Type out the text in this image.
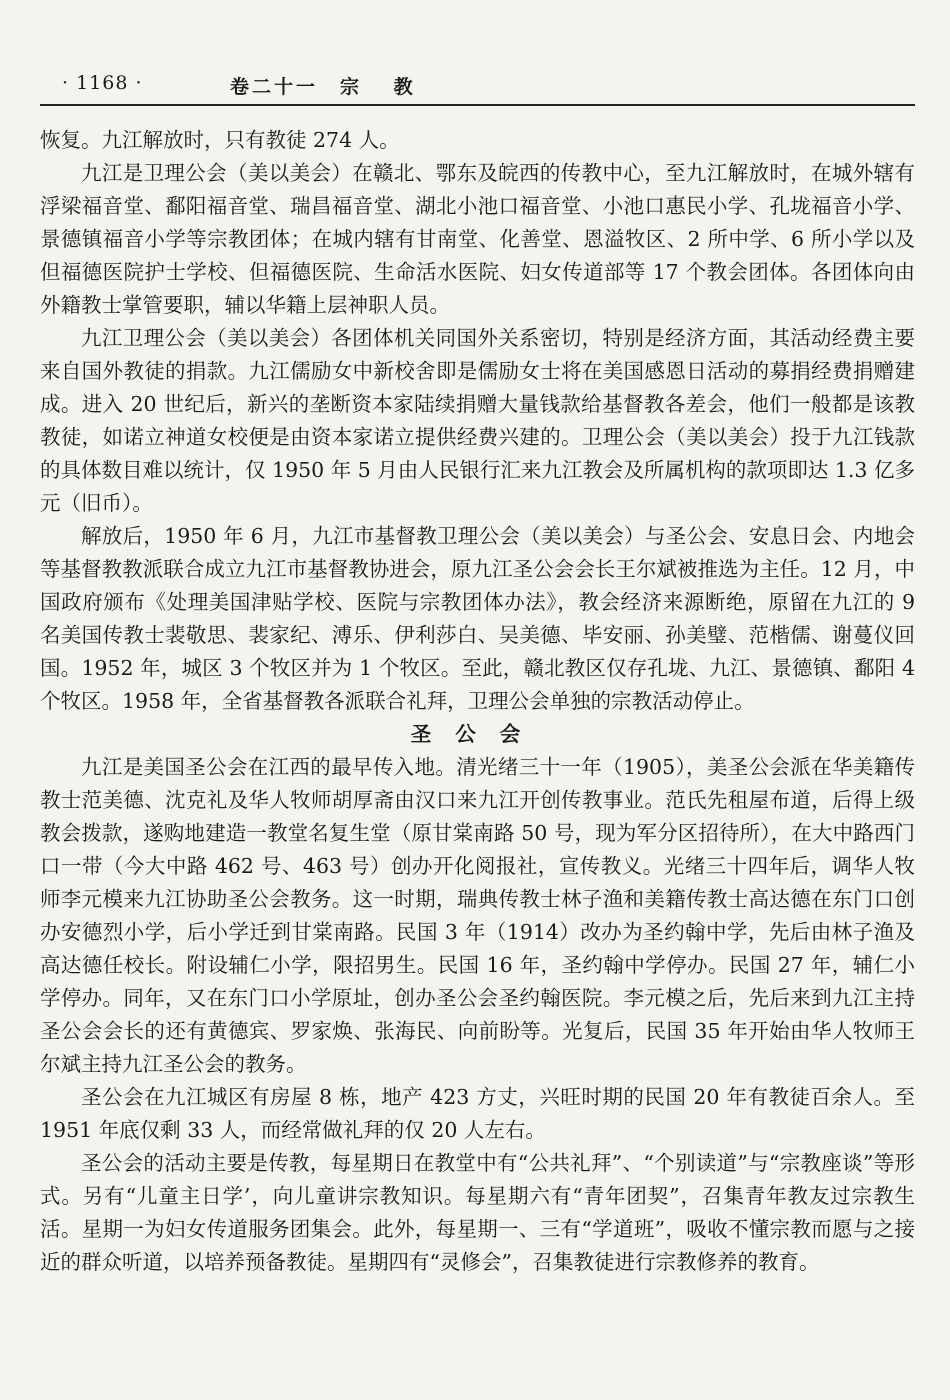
· 1168 ·	卷二十一 宗 教

恢复。九江解放时，只有教徒 274 人。

九江是卫理公会（美以美会）在赣北、鄂东及皖西的传教中心，至九江解放时，在城外辖有浮梁福音堂、鄱阳福音堂、瑞昌福音堂、湖北小池口福音堂、小池口惠民小学、孔垅福音小学、景德镇福音小学等宗教团体；在城内辖有甘南堂、化善堂、恩溢牧区、2 所中学、6 所小学以及但福德医院护士学校、但福德医院、生命活水医院、妇女传道部等 17 个教会团体。各团体向由外籍教士掌管要职，辅以华籍上层神职人员。

九江卫理公会（美以美会）各团体机关同国外关系密切，特别是经济方面，其活动经费主要来自国外教徒的捐款。九江儒励女中新校舍即是儒励女士将在美国感恩日活动的募捐经费捐赠建成。进入 20 世纪后，新兴的垄断资本家陆续捐赠大量钱款给基督教各差会，他们一般都是该教教徒，如诺立神道女校便是由资本家诺立提供经费兴建的。卫理公会（美以美会）投于九江钱款的具体数目难以统计，仅 1950 年 5 月由人民银行汇来九江教会及所属机构的款项即达 1.3 亿多元（旧币）。

解放后，1950 年 6 月，九江市基督教卫理公会（美以美会）与圣公会、安息日会、内地会等基督教教派联合成立九江市基督教协进会，原九江圣公会会长王尔斌被推选为主任。12 月，中国政府颁布《处理美国津贴学校、医院与宗教团体办法》，教会经济来源断绝，原留在九江的 9 名美国传教士裴敬思、裴家纪、溥乐、伊利莎白、吴美德、毕安丽、孙美璧、范楷儒、谢蔓仪回国。1952 年，城区 3 个牧区并为 1 个牧区。至此，赣北教区仅存孔垅、九江、景德镇、鄱阳 4 个牧区。1958 年，全省基督教各派联合礼拜，卫理公会单独的宗教活动停止。

圣公会

九江是美国圣公会在江西的最早传入地。清光绪三十一年（1905），美圣公会派在华美籍传教士范美德、沈克礼及华人牧师胡厚斋由汉口来九江开创传教事业。范氏先租屋布道，后得上级教会拨款，遂购地建造一教堂名复生堂（原甘棠南路 50 号，现为军分区招待所），在大中路西门口一带（今大中路 462 号、463 号）创办开化阅报社，宣传教义。光绪三十四年后，调华人牧师李元模来九江协助圣公会教务。这一时期，瑞典传教士林子渔和美籍传教士高达德在东门口创办安德烈小学，后小学迁到甘棠南路。民国 3 年（1914）改办为圣约翰中学，先后由林子渔及高达德任校长。附设辅仁小学，限招男生。民国 16 年，圣约翰中学停办。民国 27 年，辅仁小学停办。同年，又在东门口小学原址，创办圣公会圣约翰医院。李元模之后，先后来到九江主持圣公会会长的还有黄德宾、罗家焕、张海民、向前盼等。光复后，民国 35 年开始由华人牧师王尔斌主持九江圣公会的教务。

圣公会在九江城区有房屋 8 栋，地产 423 方丈，兴旺时期的民国 20 年有教徒百余人。至 1951 年底仅剩 33 人，而经常做礼拜的仅 20 人左右。

圣公会的活动主要是传教，每星期日在教堂中有“公共礼拜”、“个别读道”与“宗教座谈”等形式。另有“儿童主日学’，向儿童讲宗教知识。每星期六有“青年团契”，召集青年教友过宗教生活。星期一为妇女传道服务团集会。此外，每星期一、三有“学道班”，吸收不懂宗教而愿与之接近的群众听道，以培养预备教徒。星期四有“灵修会”，召集教徒进行宗教修养的教育。
